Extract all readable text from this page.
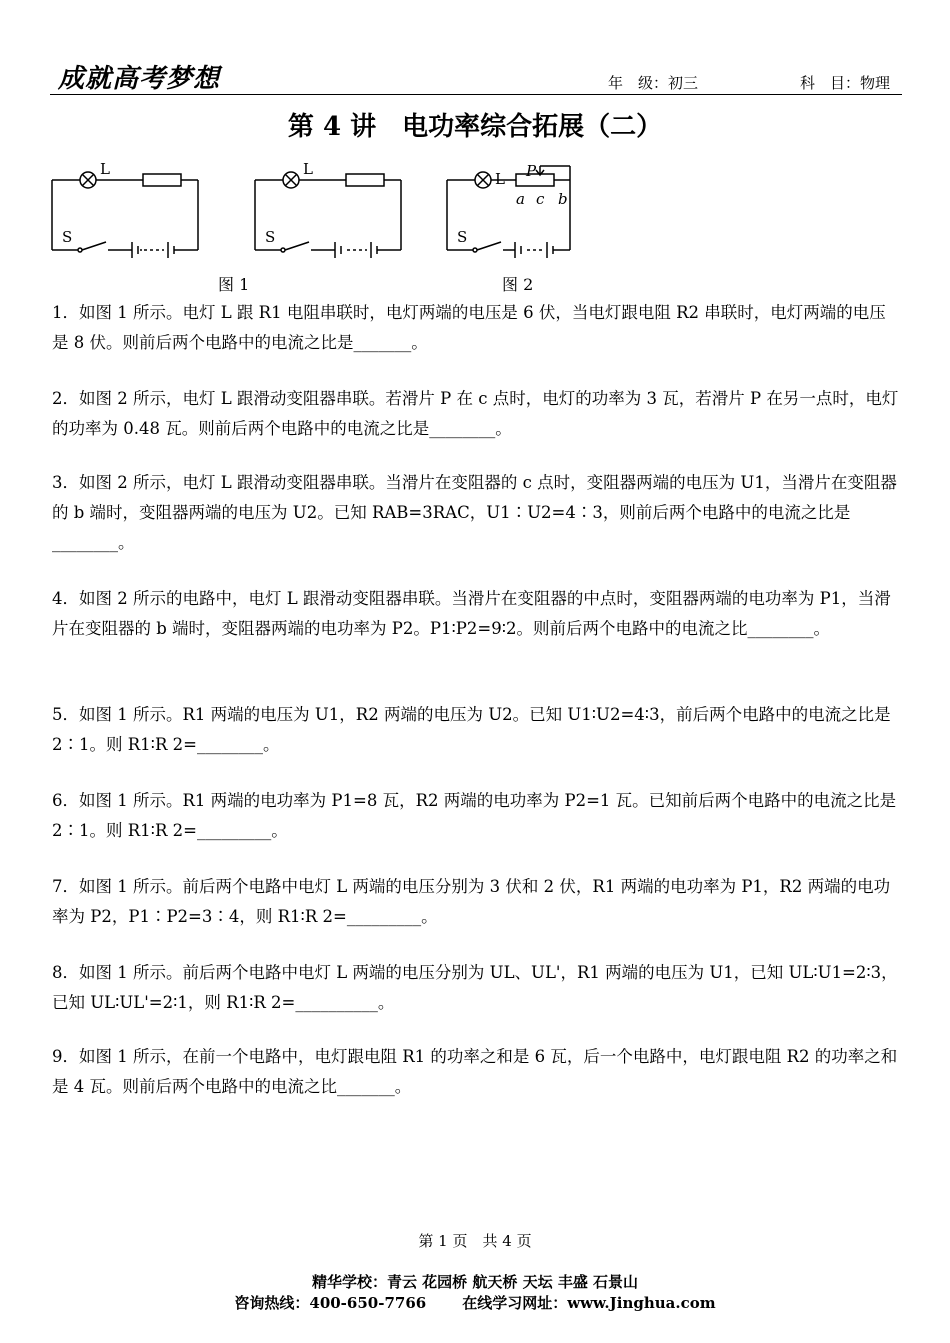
成就高考梦想	年　级：初三	科　目：物理
第 4 讲　电功率综合拓展（二）
L
S
L
S
L
S
P
a c b
图 1	图 2
1．如图 1 所示。电灯 L 跟 R1 电阻串联时，电灯两端的电压是 6 伏，当电灯跟电阻 R2 串联时，电灯两端的电压是 8 伏。则前后两个电路中的电流之比是_______。
2．如图 2 所示，电灯 L 跟滑动变阻器串联。若滑片 P 在 c 点时，电灯的功率为 3 瓦，若滑片 P 在另一点时，电灯的功率为 0.48 瓦。则前后两个电路中的电流之比是________。
3．如图 2 所示，电灯 L 跟滑动变阻器串联。当滑片在变阻器的 c 点时，变阻器两端的电压为 U1，当滑片在变阻器的 b 端时，变阻器两端的电压为 U2。已知 RAB=3RAC，U1∶U2=4∶3，则前后两个电路中的电流之比是________。
4．如图 2 所示的电路中，电灯 L 跟滑动变阻器串联。当滑片在变阻器的中点时，变阻器两端的电功率为 P1，当滑片在变阻器的 b 端时，变阻器两端的电功率为 P2。P1∶P2=9∶2。则前后两个电路中的电流之比________。
5．如图 1 所示。R1 两端的电压为 U1，R2 两端的电压为 U2。已知 U1∶U2=4∶3，前后两个电路中的电流之比是 2∶1。则 R1∶R 2=________。
6．如图 1 所示。R1 两端的电功率为 P1=8 瓦，R2 两端的电功率为 P2=1 瓦。已知前后两个电路中的电流之比是 2∶1。则 R1∶R 2=_________。
7．如图 1 所示。前后两个电路中电灯 L 两端的电压分别为 3 伏和 2 伏，R1 两端的电功率为 P1，R2 两端的电功率为 P2，P1∶P2=3∶4，则 R1∶R 2=_________。
8．如图 1 所示。前后两个电路中电灯 L 两端的电压分别为 UL、UL'，R1 两端的电压为 U1，已知 UL∶U1=2∶3，已知 UL∶UL'=2∶1，则 R1∶R 2=__________。
9．如图 1 所示，在前一个电路中，电灯跟电阻 R1 的功率之和是 6 瓦，后一个电路中，电灯跟电阻 R2 的功率之和是 4 瓦。则前后两个电路中的电流之比_______。
第 1 页　共 4 页
精华学校：青云 花园桥 航天桥 天坛 丰盛 石景山
咨询热线：400-650-7766 在线学习网址：www.Jinghua.com
